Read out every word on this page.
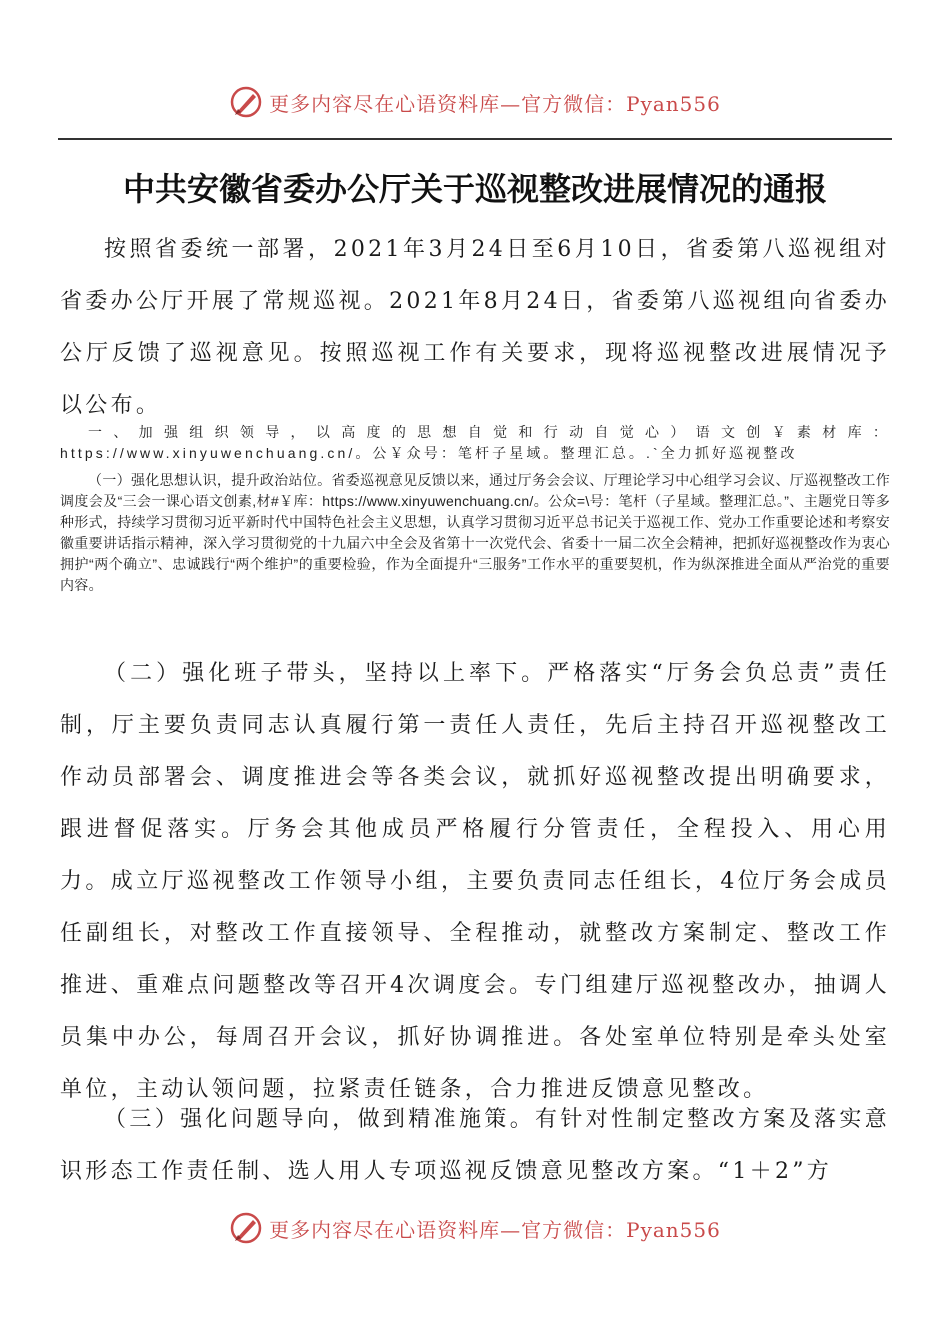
更多内容尽在心语资料库—官方微信：Pyan556
中共安徽省委办公厅关于巡视整改进展情况的通报

按照省委统一部署，2021年3月24日至6月10日，省委第八巡视组对省委办公厅开展了常规巡视。2021年8月24日，省委第八巡视组向省委办公厅反馈了巡视意见。按照巡视工作有关要求，现将巡视整改进展情况予以公布。

一、加强组织领导，以高度的思想自觉和行动自觉心）语文创￥素材库：https://www.xinyuwenchuang.cn/。公￥众号：笔杆子星域。整理汇总。.`全力抓好巡视整改

（一）强化思想认识，提升政治站位。省委巡视意见反馈以来，通过厅务会会议、厅理论学习中心组学习会议、厅巡视整改工作调度会及“三会一课心语文创素,材#￥库：https://www.xinyuwenchuang.cn/。公众=\号：笔杆（子星域。整理汇总。”、主题党日等多种形式，持续学习贯彻习近平新时代中国特色社会主义思想，认真学习贯彻习近平总书记关于巡视工作、党办工作重要论述和考察安徽重要讲话指示精神，深入学习贯彻党的十九届六中全会及省第十一次党代会、省委十一届二次全会精神，把抓好巡视整改作为衷心拥护“两个确立”、忠诚践行“两个维护”的重要检验，作为全面提升“三服务”工作水平的重要契机，作为纵深推进全面从严治党的重要内容。

（二）强化班子带头，坚持以上率下。严格落实“厅务会负总责”责任制，厅主要负责同志认真履行第一责任人责任，先后主持召开巡视整改工作动员部署会、调度推进会等各类会议，就抓好巡视整改提出明确要求，跟进督促落实。厅务会其他成员严格履行分管责任，全程投入、用心用力。成立厅巡视整改工作领导小组，主要负责同志任组长，4位厅务会成员任副组长，对整改工作直接领导、全程推动，就整改方案制定、整改工作推进、重难点问题整改等召开4次调度会。专门组建厅巡视整改办，抽调人员集中办公，每周召开会议，抓好协调推进。各处室单位特别是牵头处室单位，主动认领问题，拉紧责任链条，合力推进反馈意见整改。

（三）强化问题导向，做到精准施策。有针对性制定整改方案及落实意识形态工作责任制、选人用人专项巡视反馈意见整改方案。“1＋2”方

更多内容尽在心语资料库—官方微信：Pyan556
